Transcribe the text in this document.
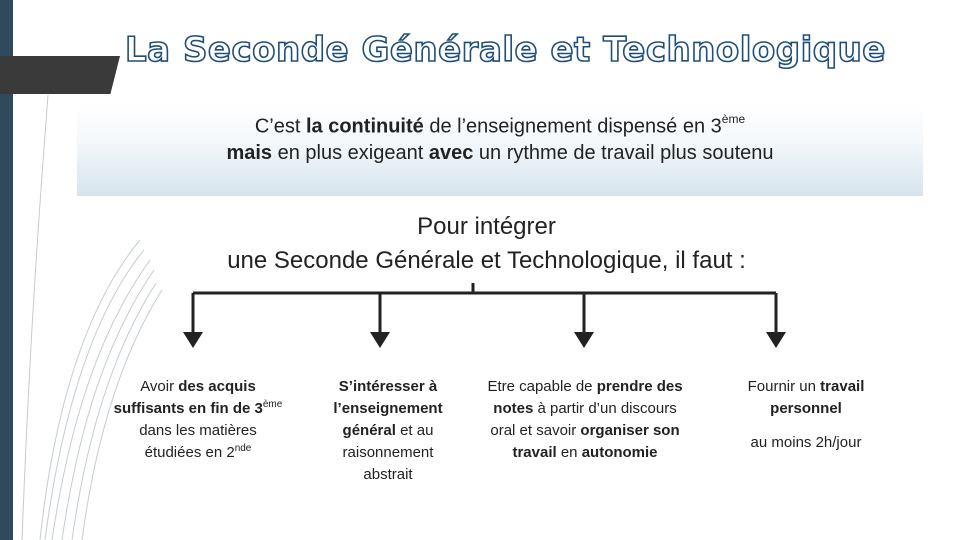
La Seconde Générale et Technologique
C’est la continuité de l’enseignement dispensé en 3ème
mais en plus exigeant avec un rythme de travail plus soutenu
Pour intégrer
une Seconde Générale et Technologique, il faut :
Avoir des acquis suffisants en fin de 3ème dans les matières étudiées en 2nde
S’intéresser à l’enseignement général et au raisonnement abstrait
Etre capable de prendre des notes à partir d’un discours oral et savoir organiser son travail en autonomie

Fournir un travail

personnel

au moins 2h/jour
